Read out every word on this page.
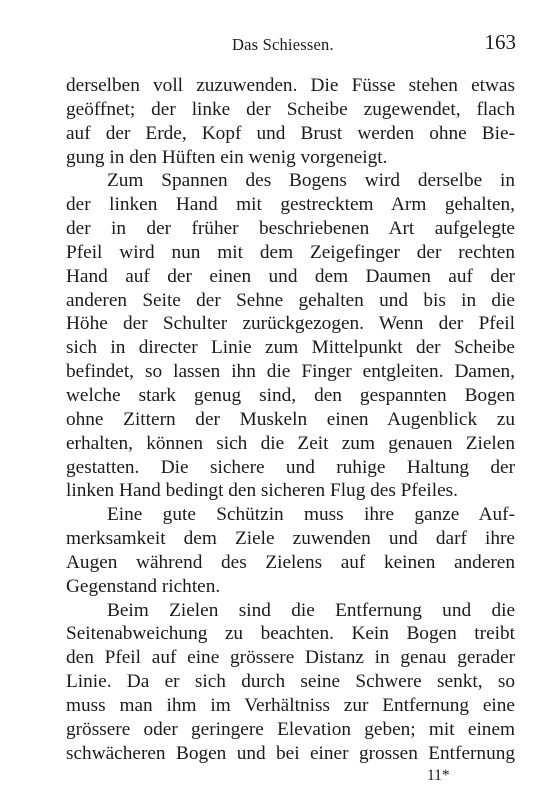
Das Schiessen.	163
derselben voll zuzuwenden. Die Füsse stehen etwas
geöffnet; der linke der Scheibe zugewendet, flach
auf der Erde, Kopf und Brust werden ohne Bie-
gung in den Hüften ein wenig vorgeneigt.
Zum Spannen des Bogens wird derselbe in
der linken Hand mit gestrecktem Arm gehalten,
der in der früher beschriebenen Art aufgelegte
Pfeil wird nun mit dem Zeigefinger der rechten
Hand auf der einen und dem Daumen auf der
anderen Seite der Sehne gehalten und bis in die
Höhe der Schulter zurückgezogen. Wenn der Pfeil
sich in directer Linie zum Mittelpunkt der Scheibe
befindet, so lassen ihn die Finger entgleiten. Damen,
welche stark genug sind, den gespannten Bogen
ohne Zittern der Muskeln einen Augenblick zu
erhalten, können sich die Zeit zum genauen Zielen
gestatten. Die sichere und ruhige Haltung der
linken Hand bedingt den sicheren Flug des Pfeiles.
Eine gute Schützin muss ihre ganze Auf-
merksamkeit dem Ziele zuwenden und darf ihre
Augen während des Zielens auf keinen anderen
Gegenstand richten.
Beim Zielen sind die Entfernung und die
Seitenabweichung zu beachten. Kein Bogen treibt
den Pfeil auf eine grössere Distanz in genau gerader
Linie. Da er sich durch seine Schwere senkt, so
muss man ihm im Verhältniss zur Entfernung eine
grössere oder geringere Elevation geben; mit einem
schwächeren Bogen und bei einer grossen Entfernung
11*
